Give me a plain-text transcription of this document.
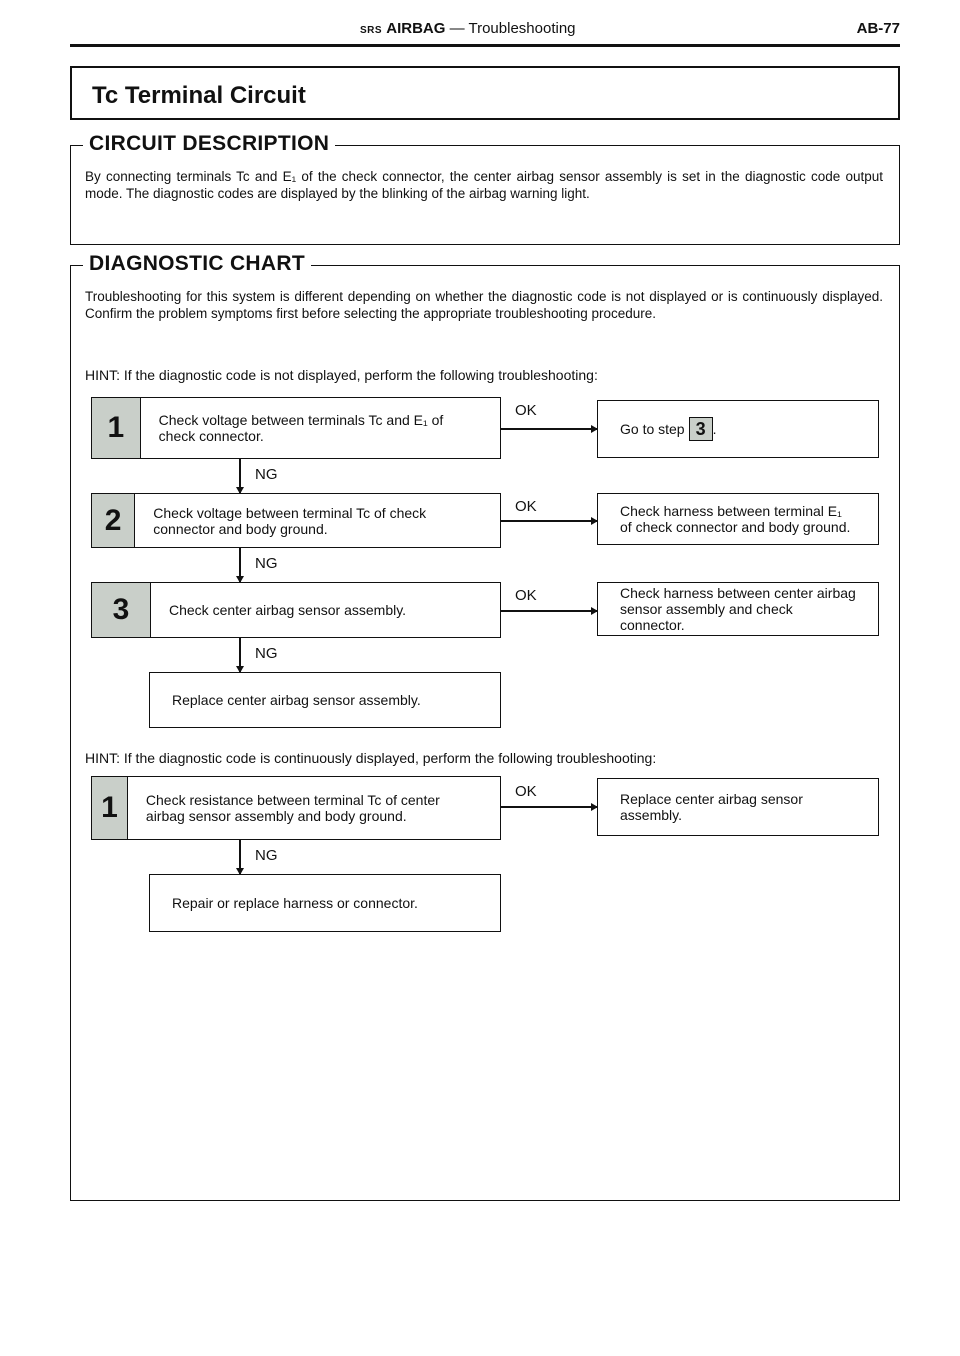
SRS AIRBAG — Troubleshooting	AB-77
Tc Terminal Circuit
CIRCUIT DESCRIPTION
By connecting terminals Tc and E₁ of the check connector, the center airbag sensor assembly is set in the diagnostic code output mode. The diagnostic codes are displayed by the blinking of the airbag warning light.
DIAGNOSTIC CHART
Troubleshooting for this system is different depending on whether the diagnostic code is not displayed or is continuously displayed. Confirm the problem symptoms first before selecting the appropriate troubleshooting procedure.
HINT: If the diagnostic code is not displayed, perform the following troubleshooting:
1	Check voltage between terminals Tc and E₁ of check connector.
OK
Go to step 3 .
NG
2	Check voltage between terminal Tc of check connector and body ground.
OK	Check harness between terminal E₁ of check connector and body ground.
NG
3	Check center airbag sensor assembly.
OK	Check harness between center airbag sensor assembly and check connector.
NG
Replace center airbag sensor assembly.
HINT: If the diagnostic code is continuously displayed, perform the following troubleshooting:
1	Check resistance between terminal Tc of center airbag sensor assembly and body ground.
OK	Replace center airbag sensor assembly.
NG
Repair or replace harness or connector.
